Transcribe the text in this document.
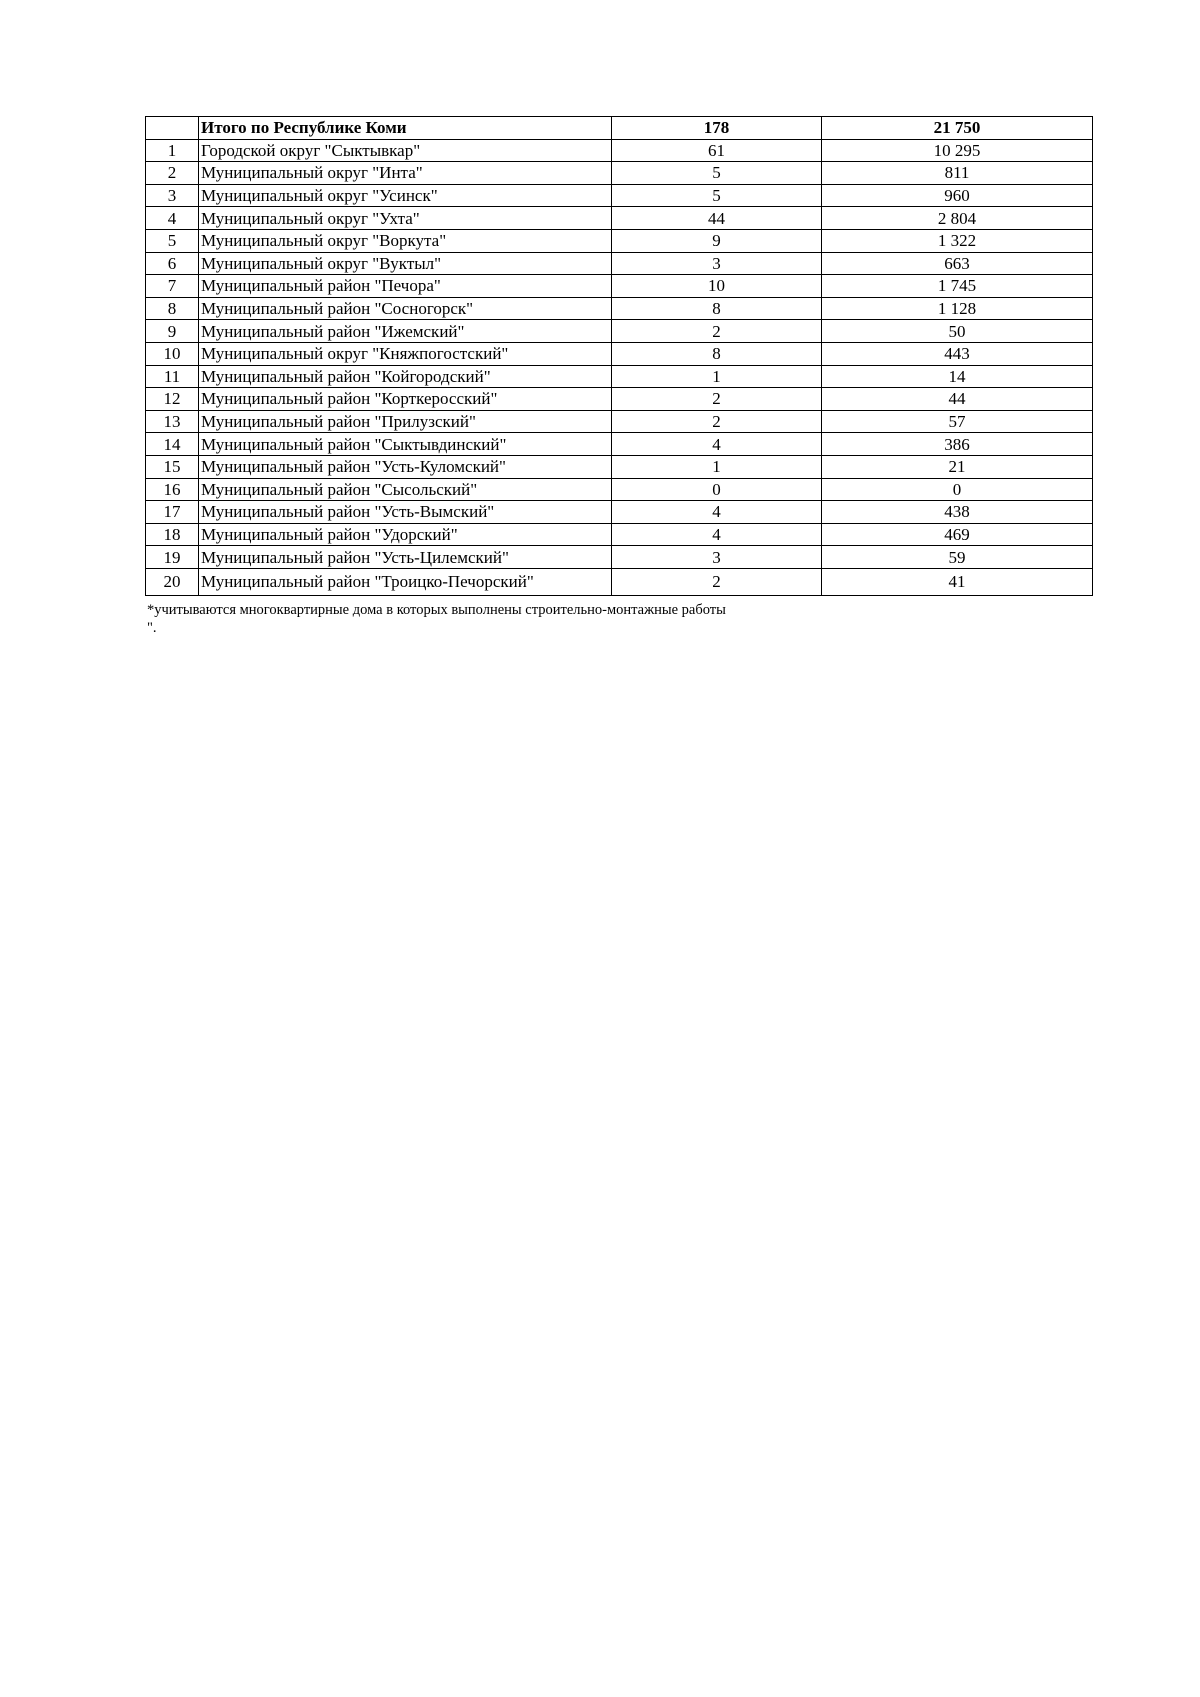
	Итого по Республике Коми	178	21 750
1	Городской округ "Сыктывкар"	61	10 295
2	Муниципальный округ "Инта"	5	811
3	Муниципальный округ "Усинск"	5	960
4	Муниципальный округ "Ухта"	44	2 804
5	Муниципальный округ "Воркута"	9	1 322
6	Муниципальный округ "Вуктыл"	3	663
7	Муниципальный район "Печора"	10	1 745
8	Муниципальный район "Сосногорск"	8	1 128
9	Муниципальный район "Ижемский"	2	50
10	Муниципальный округ "Княжпогостский"	8	443
11	Муниципальный район "Койгородский"	1	14
12	Муниципальный район "Корткеросский"	2	44
13	Муниципальный район "Прилузский"	2	57
14	Муниципальный район "Сыктывдинский"	4	386
15	Муниципальный район "Усть-Куломский"	1	21
16	Муниципальный район "Сысольский"	0	0
17	Муниципальный район "Усть-Вымский"	4	438
18	Муниципальный район "Удорский"	4	469
19	Муниципальный район "Усть-Цилемский"	3	59
20	Муниципальный район "Троицко-Печорский"	2	41
*учитываются многоквартирные дома в которых выполнены строительно-монтажные работы
".
